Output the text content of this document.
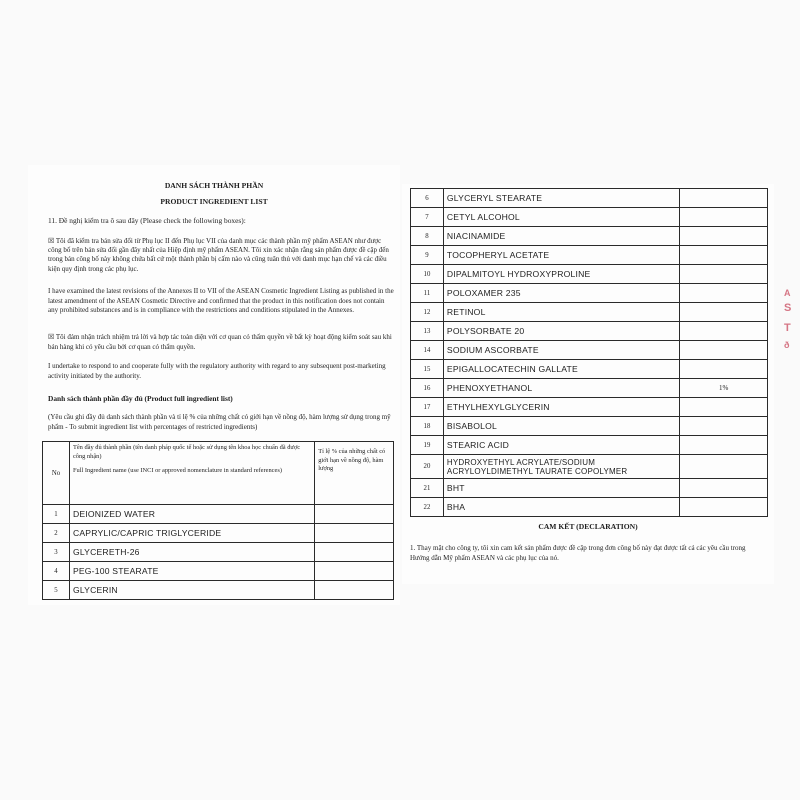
DANH SÁCH THÀNH PHẦN
PRODUCT INGREDIENT LIST
11. Đề nghị kiểm tra ô sau đây (Please check the following boxes):
☒ Tôi đã kiểm tra bản sửa đổi từ Phụ lục II đến Phụ lục VII của danh mục các thành phần mỹ phẩm ASEAN như được công bố trên bản sửa đổi gần đây nhất của Hiệp định mỹ phẩm ASEAN. Tôi xin xác nhận rằng sản phẩm được đề cập đến trong bản công bố này không chứa bất cứ một thành phần bị cấm nào và cũng tuân thủ với danh mục hạn chế và các điều kiện quy định trong các phụ lục.
I have examined the latest revisions of the Annexes II to VII of the ASEAN Cosmetic Ingredient Listing as published in the latest amendment of the ASEAN Cosmetic Directive and confirmed that the product in this notification does not contain any prohibited substances and is in compliance with the restrictions and conditions stipulated in the Annexes.
☒ Tôi đảm nhận trách nhiệm trả lời và hợp tác toàn diện với cơ quan có thẩm quyền về bất kỳ hoạt động kiểm soát sau khi bán hàng khi có yêu cầu bởi cơ quan có thẩm quyền.
I undertake to respond to and cooperate fully with the regulatory authority with regard to any subsequent post-marketing activity initiated by the authority.
Danh sách thành phần đầy đủ (Product full ingredient list)
(Yêu cầu ghi đầy đủ danh sách thành phần và tỉ lệ % của những chất có giới hạn về nồng độ, hàm lượng sử dụng trong mỹ phẩm - To submit ingredient list with percentages of restricted ingredients)
No	Tên đầy đủ thành phần (tên danh pháp quốc tế hoặc sử dụng tên khoa học chuẩn đã được công nhận)
Full Ingredient name (use INCI or approved nomenclature in standard references)	Tỉ lệ % của những chất có giới hạn về nồng độ, hàm lượng
1	DEIONIZED WATER	
2	CAPRYLIC/CAPRIC TRIGLYCERIDE	
3	GLYCERETH-26	
4	PEG-100 STEARATE	
5	GLYCERIN	
6	GLYCERYL STEARATE	
7	CETYL ALCOHOL	
8	NIACINAMIDE	
9	TOCOPHERYL ACETATE	
10	DIPALMITOYL HYDROXYPROLINE	
11	POLOXAMER 235	
12	RETINOL	
13	POLYSORBATE 20	
14	SODIUM ASCORBATE	
15	EPIGALLOCATECHIN GALLATE	
16	PHENOXYETHANOL	1%
17	ETHYLHEXYLGLYCERIN	
18	BISABOLOL	
19	STEARIC ACID	
20	HYDROXYETHYL ACRYLATE/SODIUM ACRYLOYLDIMETHYL TAURATE COPOLYMER	
21	BHT	
22	BHA	
CAM KẾT (DECLARATION)
1. Thay mặt cho công ty, tôi xin cam kết sản phẩm được đề cập trong đơn công bố này đạt được tất cả các yêu cầu trong Hướng dẫn Mỹ phẩm ASEAN và các phụ lục của nó.
A
S
T
ð
